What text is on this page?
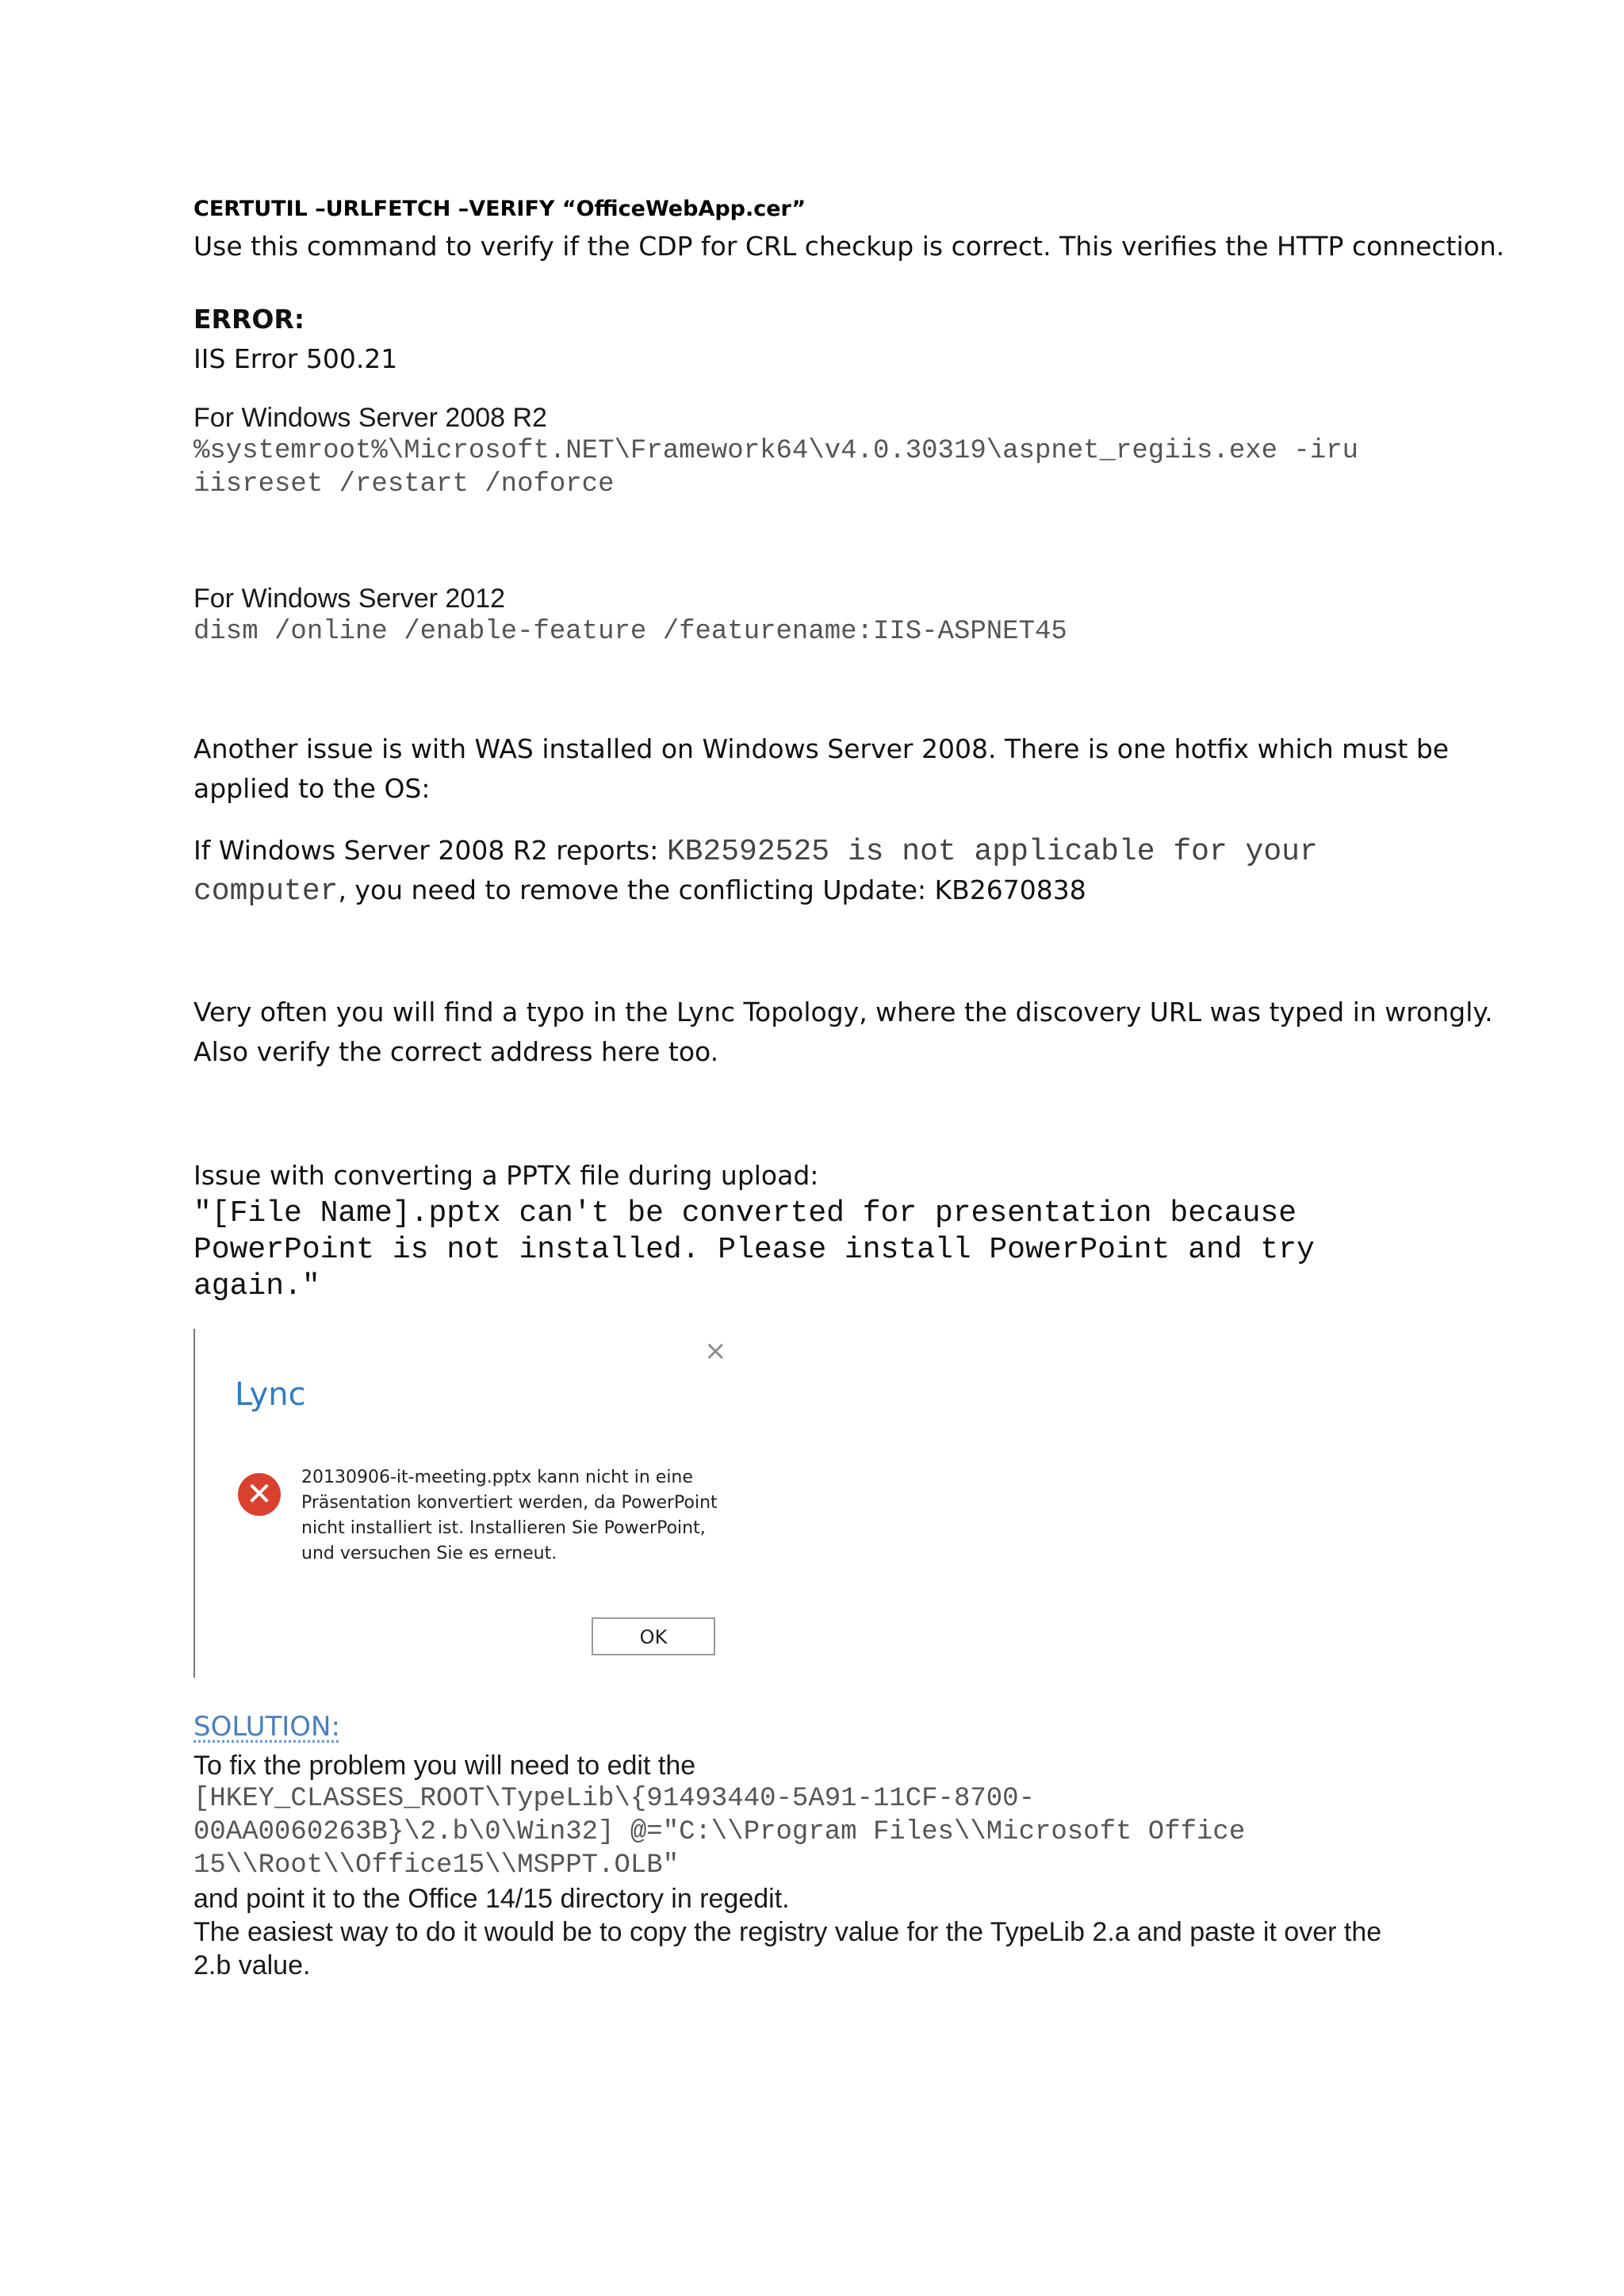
CERTUTIL –URLFETCH –VERIFY “OfficeWebApp.cer”
Use this command to verify if the CDP for CRL checkup is correct. This verifies the HTTP connection.
ERROR:
IIS Error 500.21
For Windows Server 2008 R2
%systemroot%\Microsoft.NET\Framework64\v4.0.30319\aspnet_regiis.exe -iru
iisreset /restart /noforce
For Windows Server 2012
dism /online /enable-feature /featurename:IIS-ASPNET45
Another issue is with WAS installed on Windows Server 2008. There is one hotfix which must be
applied to the OS:
If Windows Server 2008 R2 reports: KB2592525 is not applicable for your
computer, you need to remove the conflicting Update: KB2670838
Very often you will find a typo in the Lync Topology, where the discovery URL was typed in wrongly.
Also verify the correct address here too.
Issue with converting a PPTX file during upload:
"[File Name].pptx can't be converted for presentation because
PowerPoint is not installed. Please install PowerPoint and try
again."
×
Lync
✕	20130906-it-meeting.pptx kann nicht in eine
Präsentation konvertiert werden, da PowerPoint
nicht installiert ist. Installieren Sie PowerPoint,
und versuchen Sie es erneut.
OK
SOLUTION:
To fix the problem you will need to edit the
[HKEY_CLASSES_ROOT\TypeLib\{91493440-5A91-11CF-8700-
00AA0060263B}\2.b\0\Win32] @="C:\\Program Files\\Microsoft Office
15\\Root\\Office15\\MSPPT.OLB"
and point it to the Office 14/15 directory in regedit.
The easiest way to do it would be to copy the registry value for the TypeLib 2.a and paste it over the
2.b value.
